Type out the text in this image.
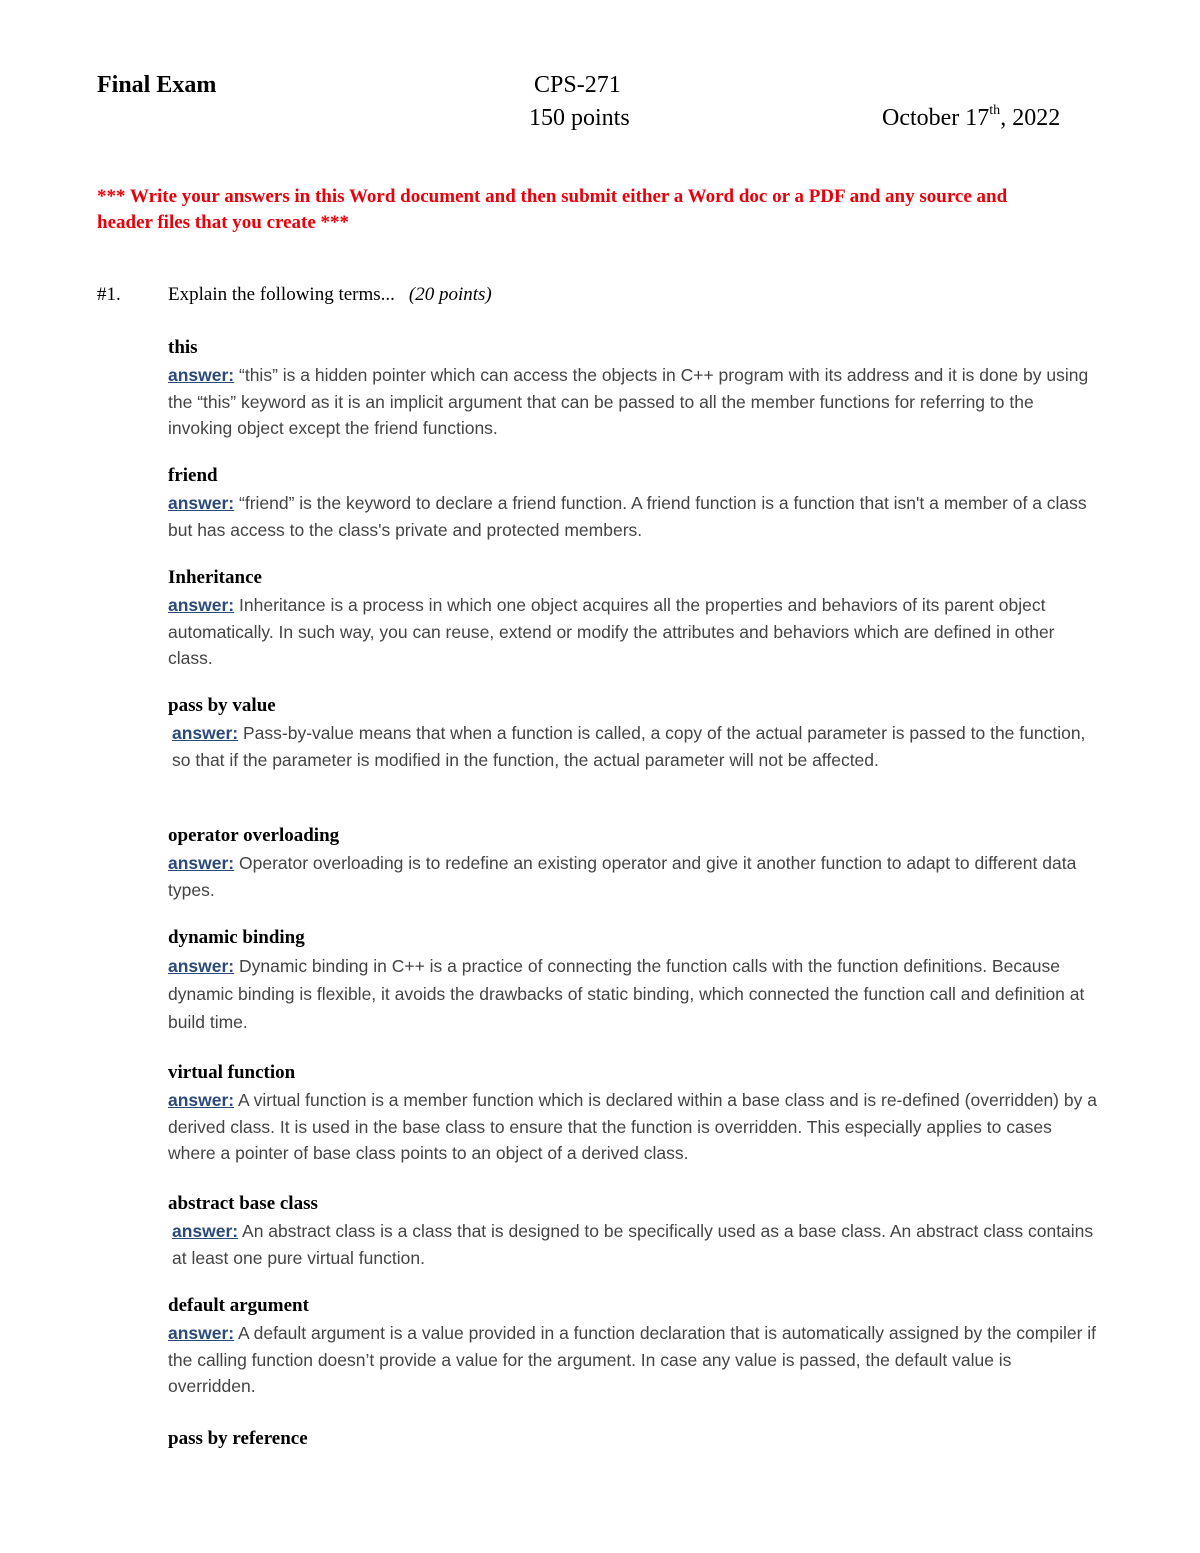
Final Exam	CPS-271
150 points	October 17th, 2022
*** Write your answers in this Word document and then submit either a Word doc or a PDF and any source and header files that you create ***
#1. Explain the following terms... (20 points)
this

answer: “this” is a hidden pointer which can access the objects in C++ program with its address and it is done by using the “this” keyword as it is an implicit argument that can be passed to all the member functions for referring to the invoking object except the friend functions.

friend

answer: “friend” is the keyword to declare a friend function. A friend function is a function that isn't a member of a class but has access to the class's private and protected members.

Inheritance

answer: Inheritance is a process in which one object acquires all the properties and behaviors of its parent object automatically. In such way, you can reuse, extend or modify the attributes and behaviors which are defined in other class.

pass by value

answer: Pass-by-value means that when a function is called, a copy of the actual parameter is passed to the function, so that if the parameter is modified in the function, the actual parameter will not be affected.

operator overloading

answer: Operator overloading is to redefine an existing operator and give it another function to adapt to different data types.

dynamic binding

answer: Dynamic binding in C++ is a practice of connecting the function calls with the function definitions. Because dynamic binding is flexible, it avoids the drawbacks of static binding, which connected the function call and definition at build time.

virtual function

answer: A virtual function is a member function which is declared within a base class and is re-defined (overridden) by a derived class. It is used in the base class to ensure that the function is overridden. This especially applies to cases where a pointer of base class points to an object of a derived class.

abstract base class

answer: An abstract class is a class that is designed to be specifically used as a base class. An abstract class contains at least one pure virtual function.

default argument

answer: A default argument is a value provided in a function declaration that is automatically assigned by the compiler if the calling function doesn’t provide a value for the argument. In case any value is passed, the default value is overridden.

pass by reference
